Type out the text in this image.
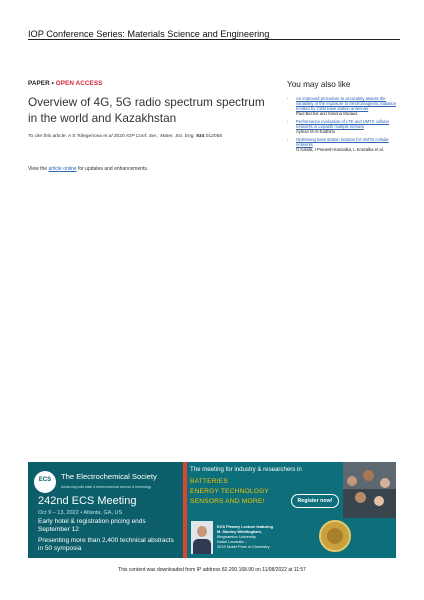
IOP Conference Series: Materials Science and Engineering
PAPER • OPEN ACCESS
Overview of 4G, 5G radio spectrum spectrum in the world and Kazakhstan
To cite this article: A S Tolegenova et al 2020 IOP Conf. Ser.: Mater. Sci. Eng. 934 012055
View the article online for updates and enhancements.
You may also like
-	An improved procedure to accurately assess the variability of the exposure to electromagnetic radiation emitted by GSM base station antennas
Paul Bechet and Simona Miclaus
-	Performance evaluation of LTE and UMTS cellular networks in Lepatith multiple forrains
Ayman M Al-Kadhimi
-	Optimising base station location for UMTS cellular networks
G Kalafa, I Pranesh-Koszalka, L Koszalka et al.
ECS	The Electrochemical Society
Advancing solid state & electrochemical science & technology
242nd ECS Meeting
Oct 9 – 13, 2022 • Atlanta, GA, US
Early hotel & registration pricing ends September 12
Presenting more than 2,400 technical abstracts in 50 symposia
The meeting for industry & researchers in
BATTERIES
ENERGY TECHNOLOGY
SENSORS AND MORE!	Register now!
ECS Plenary Lecture featuring
M. Stanley Whittingham,
Binghamton University
Nobel Laureate –
2019 Nobel Prize in Chemistry
This content was downloaded from IP address 82.200.168.90 on 11/08/2022 at 11:57
